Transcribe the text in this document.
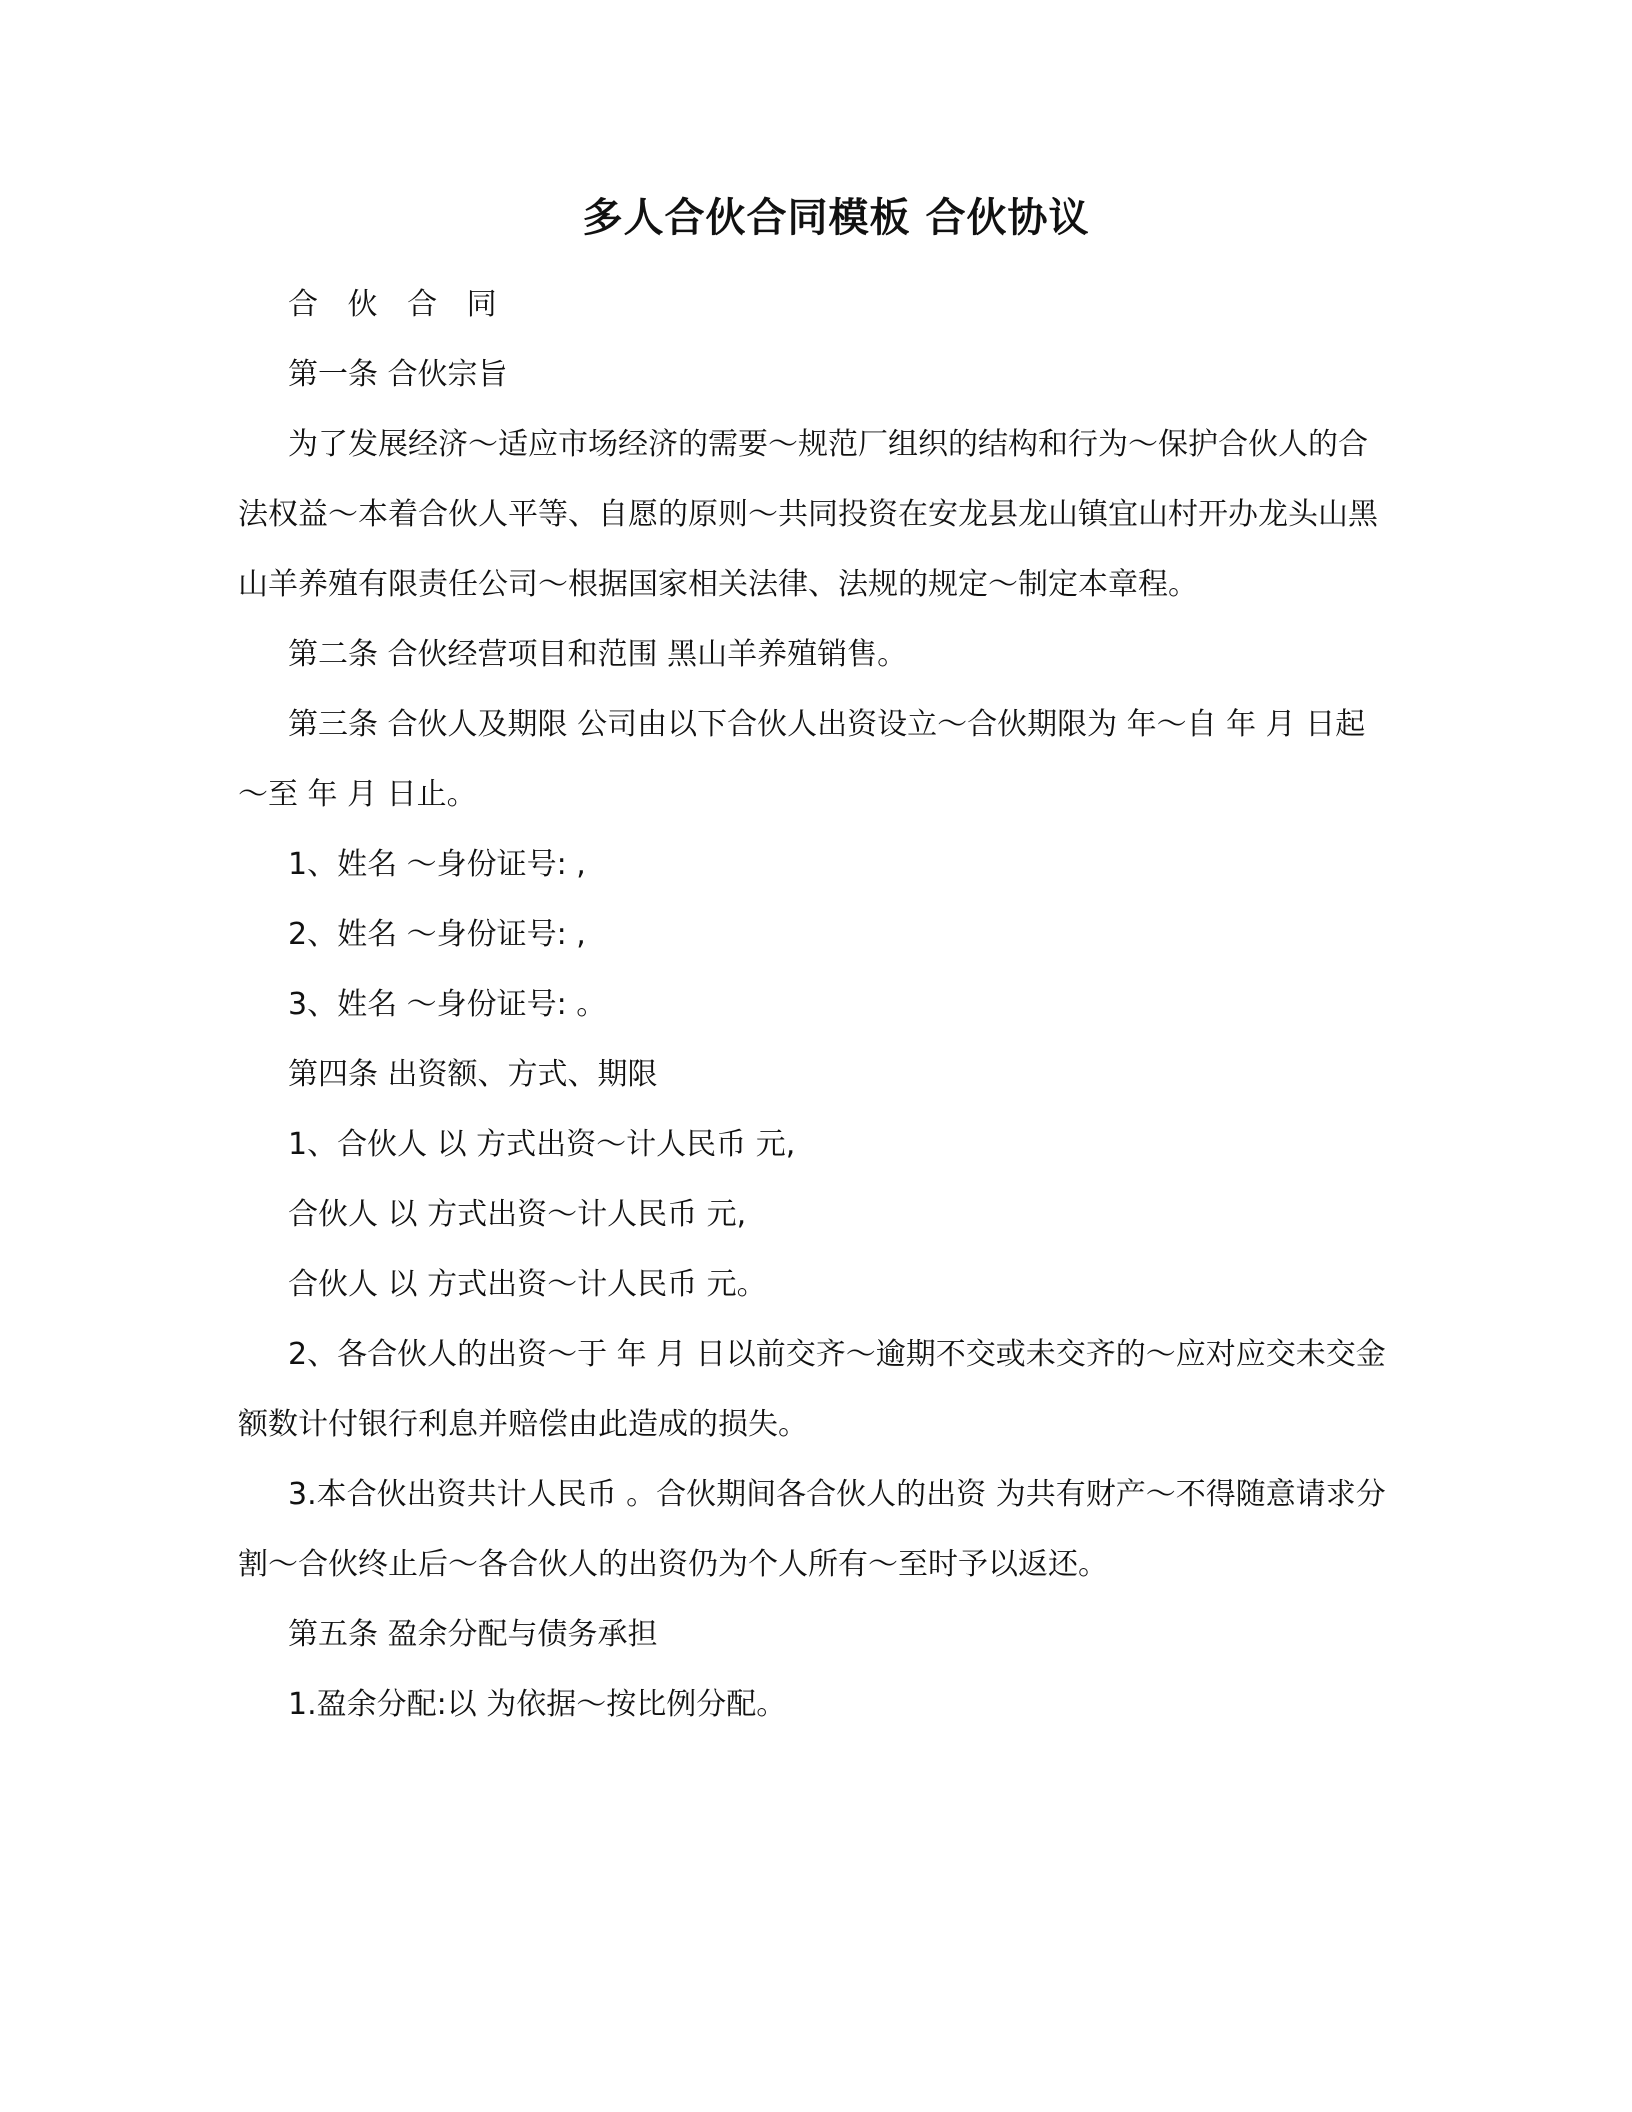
多人合伙合同模板 合伙协议

合 伙 合 同

第一条 合伙宗旨

为了发展经济～适应市场经济的需要～规范厂组织的结构和行为～保护合伙人的合法权益～本着合伙人平等、自愿的原则～共同投资在安龙县龙山镇宜山村开办龙头山黑山羊养殖有限责任公司～根据国家相关法律、法规的规定～制定本章程。

第二条 合伙经营项目和范围 黑山羊养殖销售。

第三条 合伙人及期限 公司由以下合伙人出资设立～合伙期限为 年～自 年 月 日起～至 年 月 日止。

1、姓名 ～身份证号: ,

2、姓名 ～身份证号: ,

3、姓名 ～身份证号: 。

第四条 出资额、方式、期限

1、合伙人 以 方式出资～计人民币 元,

合伙人 以 方式出资～计人民币 元,

合伙人 以 方式出资～计人民币 元。

2、各合伙人的出资～于 年 月 日以前交齐～逾期不交或未交齐的～应对应交未交金额数计付银行利息并赔偿由此造成的损失。

3.本合伙出资共计人民币 。合伙期间各合伙人的出资 为共有财产～不得随意请求分割～合伙终止后～各合伙人的出资仍为个人所有～至时予以返还。

第五条 盈余分配与债务承担

1.盈余分配:以 为依据～按比例分配。
